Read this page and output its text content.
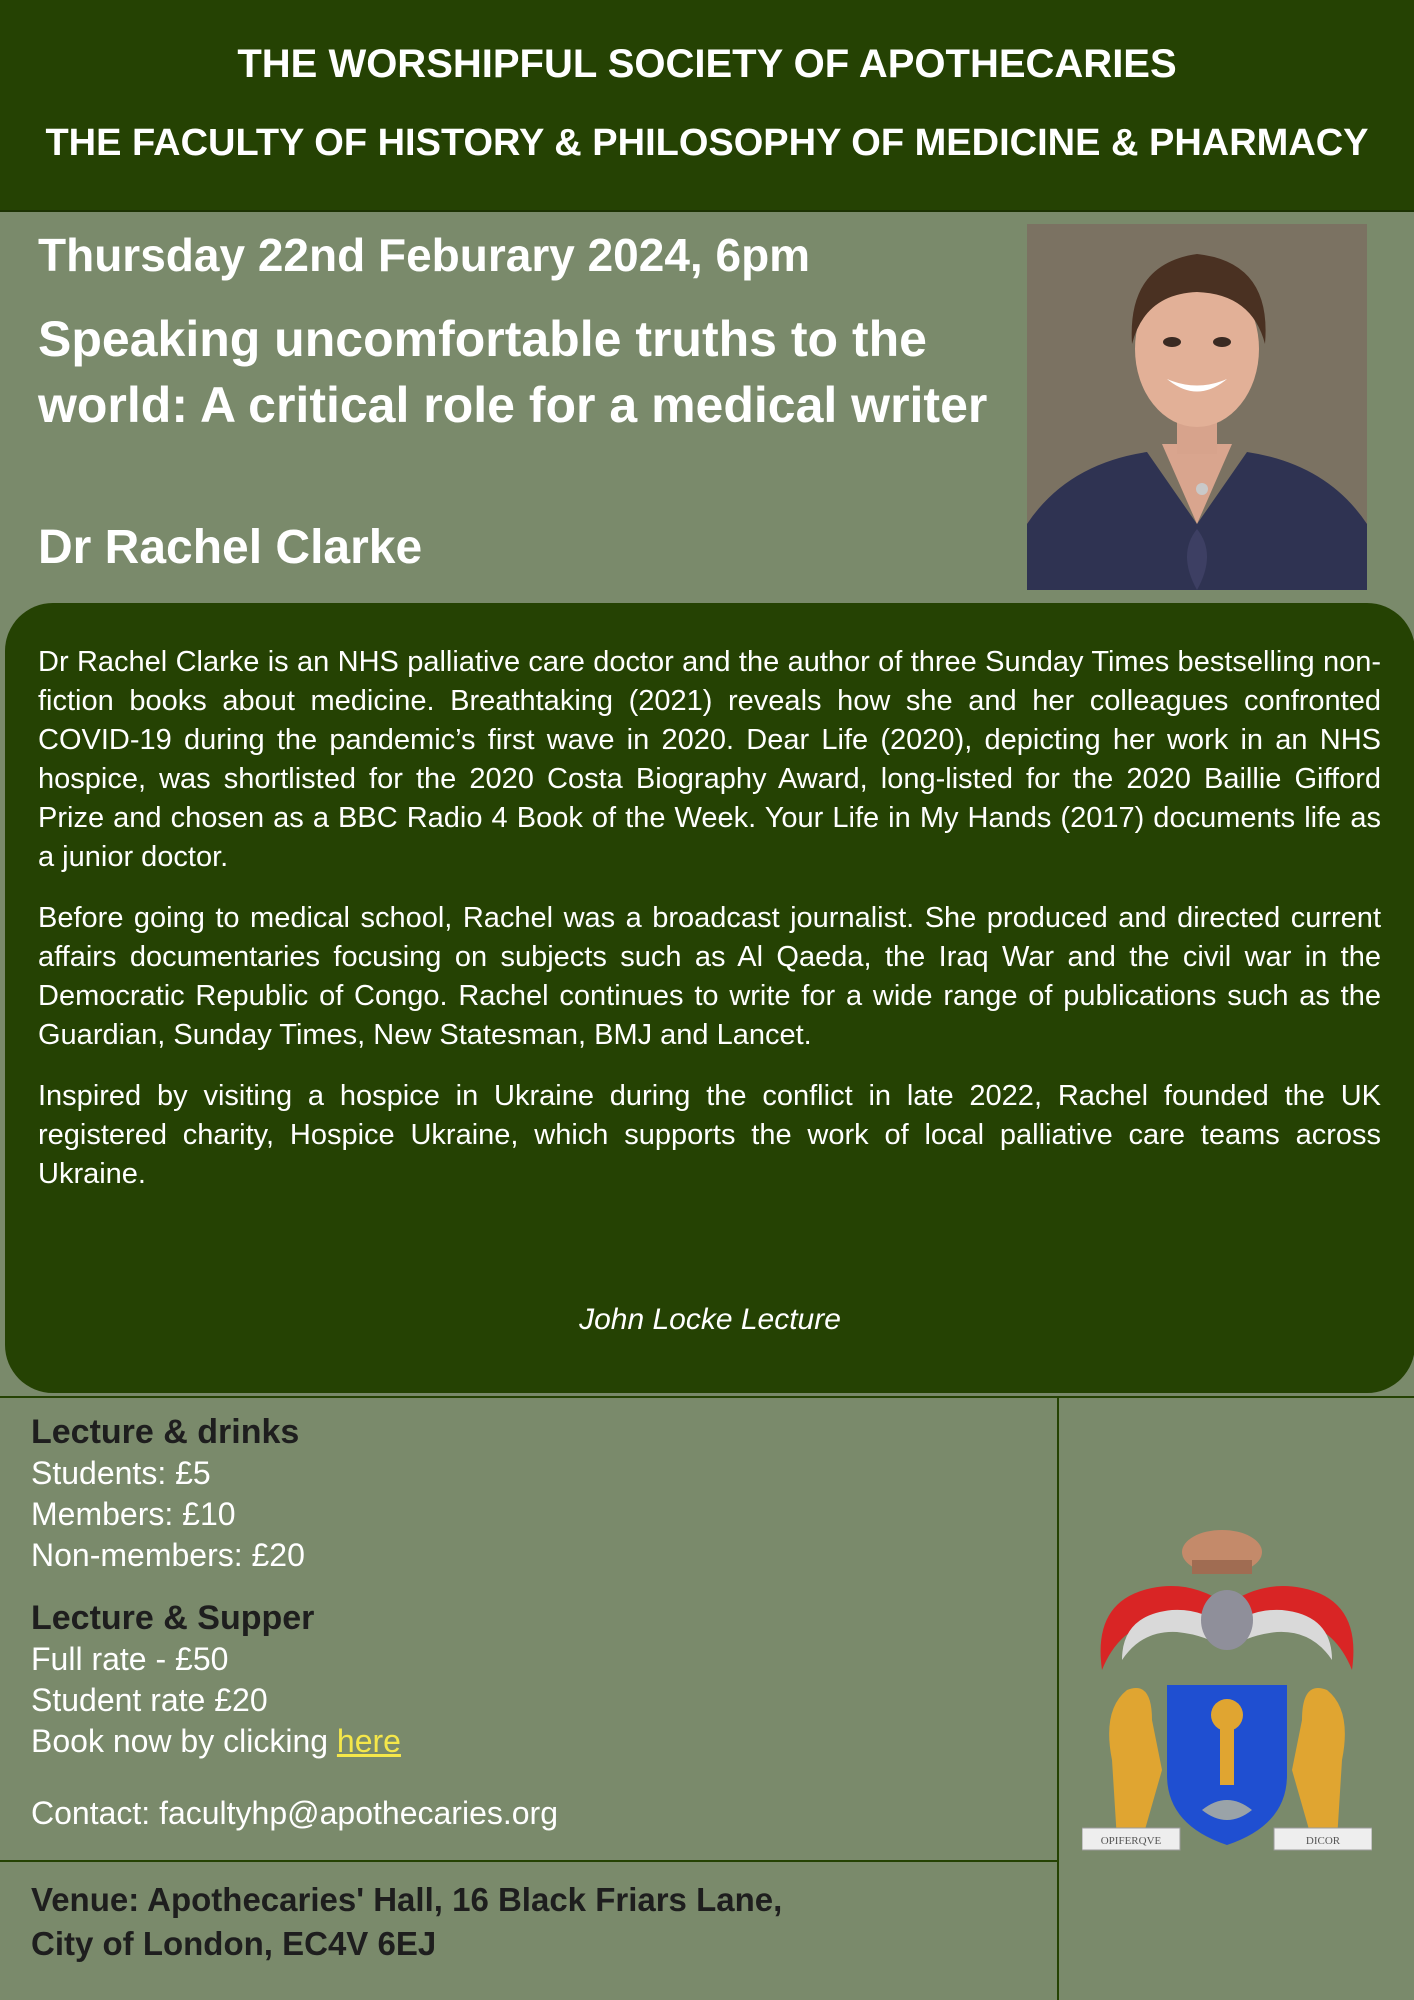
THE WORSHIPFUL SOCIETY OF APOTHECARIES
THE FACULTY OF HISTORY & PHILOSOPHY OF MEDICINE & PHARMACY
Thursday 22nd Feburary 2024, 6pm
Speaking uncomfortable truths to the world: A critical role for a medical writer
Dr Rachel Clarke

Dr Rachel Clarke is an NHS palliative care doctor and the author of three Sunday Times bestselling non-fiction books about medicine. Breathtaking (2021) reveals how she and her colleagues confronted COVID-19 during the pandemic’s first wave in 2020. Dear Life (2020), depicting her work in an NHS hospice, was shortlisted for the 2020 Costa Biography Award, long-listed for the 2020 Baillie Gifford Prize and chosen as a BBC Radio 4 Book of the Week. Your Life in My Hands (2017) documents life as a junior doctor.

Before going to medical school, Rachel was a broadcast journalist. She produced and directed current affairs documentaries focusing on subjects such as Al Qaeda, the Iraq War and the civil war in the Democratic Republic of Congo. Rachel continues to write for a wide range of publications such as the Guardian, Sunday Times, New Statesman, BMJ and Lancet.

Inspired by visiting a hospice in Ukraine during the conflict in late 2022, Rachel founded the UK registered charity, Hospice Ukraine, which supports the work of local palliative care teams across Ukraine.

John Locke Lecture
Lecture & drinks
Students: £5
Members: £10
Non-members: £20
Lecture & Supper
Full rate - £50
Student rate £20
Book now by clicking here
Contact: facultyhp@apothecaries.org
Venue: Apothecaries' Hall, 16 Black Friars Lane,
City of London, EC4V 6EJ
OPIFERQVE	DICOR
